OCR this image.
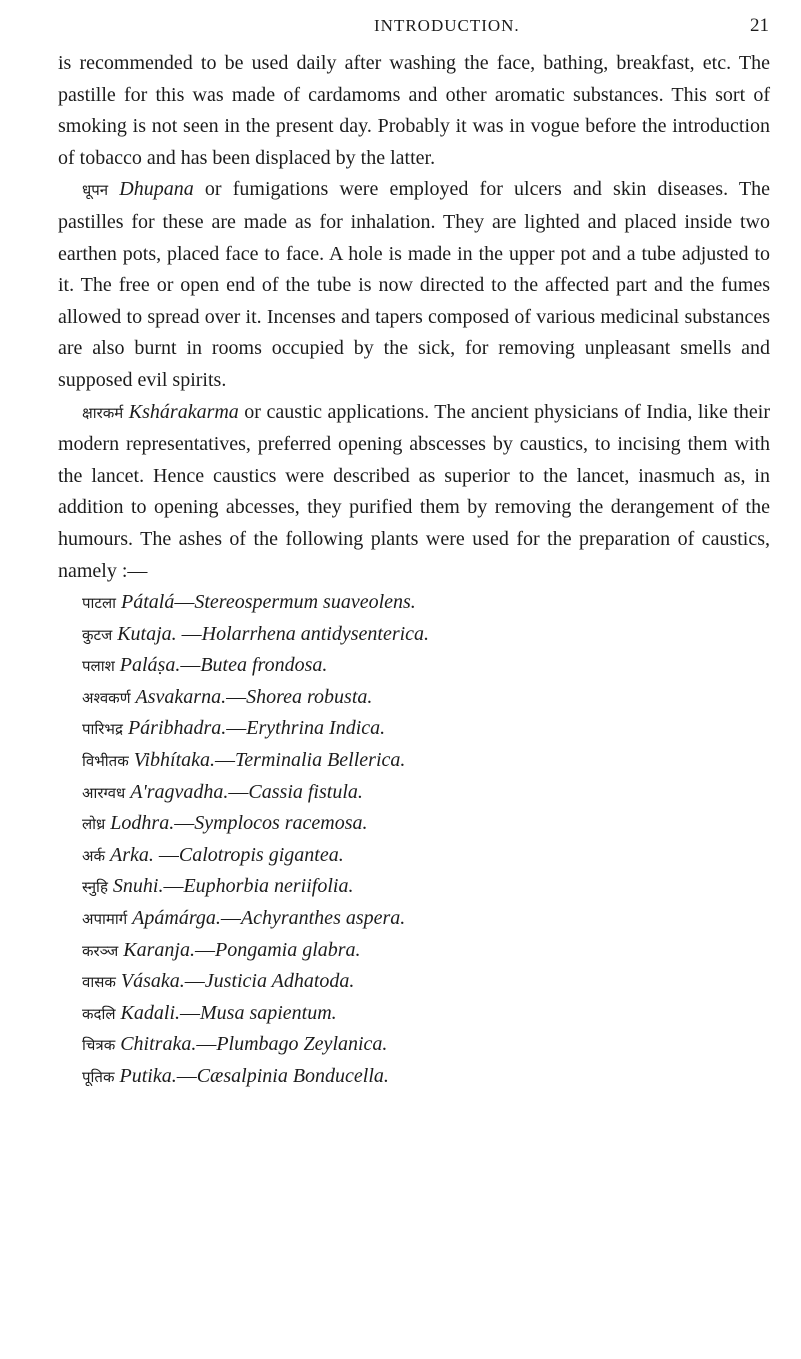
INTRODUCTION.	21

is recommended to be used daily after washing the face, bathing, breakfast, etc. The pastille for this was made of cardamoms and other aromatic substances. This sort of smoking is not seen in the present day. Probably it was in vogue before the introduction of tobacco and has been displaced by the latter.

धूपन Dhupana or fumigations were employed for ulcers and skin diseases. The pastilles for these are made as for inhalation. They are lighted and placed inside two earthen pots, placed face to face. A hole is made in the upper pot and a tube adjusted to it. The free or open end of the tube is now directed to the affected part and the fumes allowed to spread over it. Incenses and tapers composed of various medicinal substances are also burnt in rooms occupied by the sick, for removing unpleasant smells and supposed evil spirits.

क्षारकर्म Kshárakarma or caustic applications. The ancient physicians of India, like their modern representatives, preferred opening abscesses by caustics, to incising them with the lancet. Hence caustics were described as superior to the lancet, inasmuch as, in addition to opening abcesses, they purified them by removing the derangement of the humours. The ashes of the following plants were used for the preparation of caustics, namely :—

पाटला Pátalá—Stereospermum suaveolens.
कुटज Kutaja. —Holarrhena antidysenterica.
पलाश Paláṣa.—Butea frondosa.
अश्वकर्ण Asvakarna.—Shorea robusta.
पारिभद्र Páribhadra.—Erythrina Indica.
विभीतक Vibhítaka.—Terminalia Bellerica.
आरग्वध A'ragvadha.—Cassia fistula.
लोध्र Lodhra.—Symplocos racemosa.
अर्क Arka. —Calotropis gigantea.
स्नुहि Snuhi.—Euphorbia neriifolia.
अपामार्ग Apámárga.—Achyranthes aspera.
करञ्ज Karanja.—Pongamia glabra.
वासक Vásaka.—Justicia Adhatoda.
कदलि Kadali.—Musa sapientum.
चित्रक Chitraka.—Plumbago Zeylanica.
पूतिक Putika.—Cæsalpinia Bonducella.
